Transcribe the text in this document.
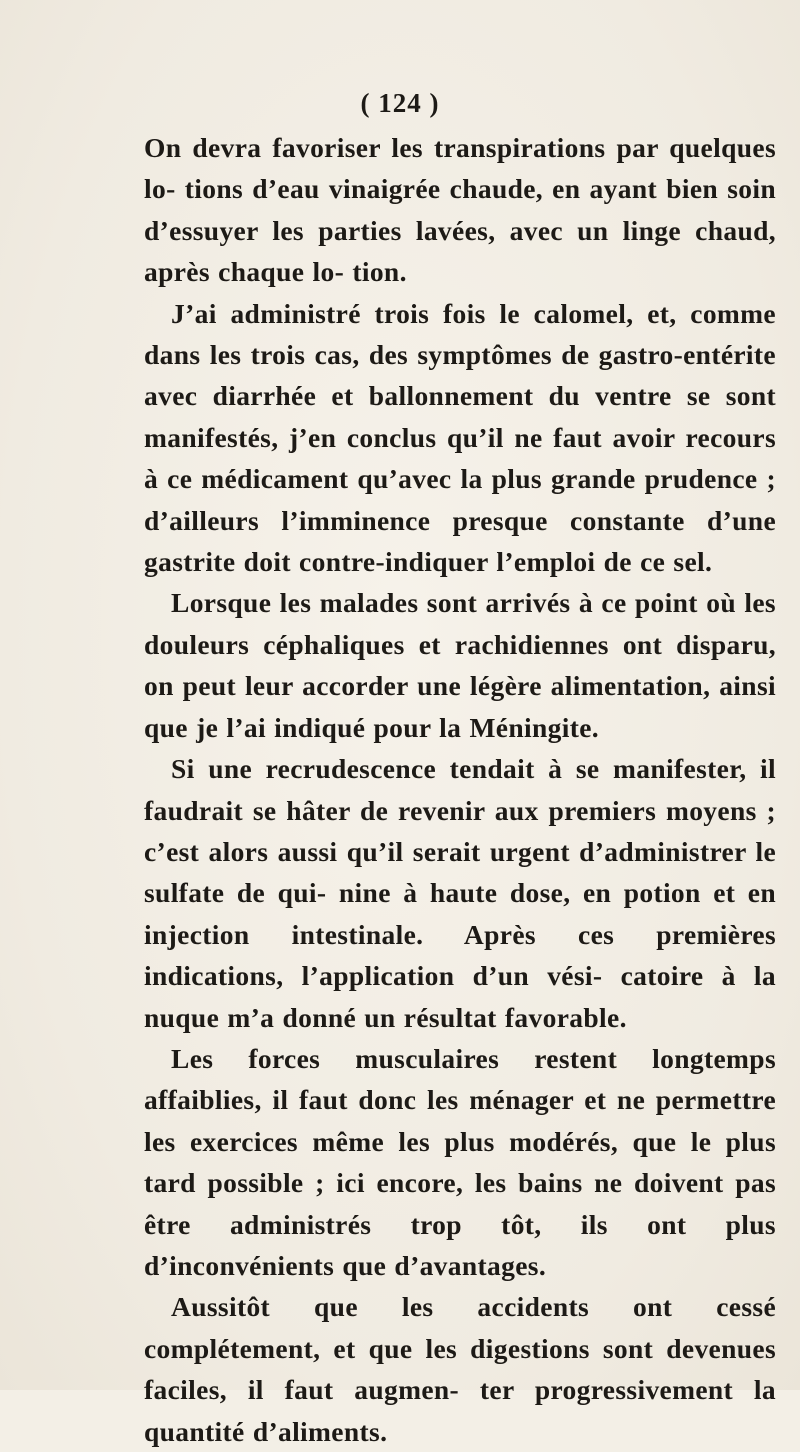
( 124 )

On devra favoriser les transpirations par quelques lo- tions d’eau vinaigrée chaude, en ayant bien soin d’essuyer les parties lavées, avec un linge chaud, après chaque lo- tion.

J’ai administré trois fois le calomel, et, comme dans les trois cas, des symptômes de gastro-entérite avec diarrhée et ballonnement du ventre se sont manifestés, j’en conclus qu’il ne faut avoir recours à ce médicament qu’avec la plus grande prudence ; d’ailleurs l’imminence presque constante d’une gastrite doit contre-indiquer l’emploi de ce sel.

Lorsque les malades sont arrivés à ce point où les douleurs céphaliques et rachidiennes ont disparu, on peut leur accorder une légère alimentation, ainsi que je l’ai indiqué pour la Méningite.

Si une recrudescence tendait à se manifester, il faudrait se hâter de revenir aux premiers moyens ; c’est alors aussi qu’il serait urgent d’administrer le sulfate de qui- nine à haute dose, en potion et en injection intestinale. Après ces premières indications, l’application d’un vési- catoire à la nuque m’a donné un résultat favorable.

Les forces musculaires restent longtemps affaiblies, il faut donc les ménager et ne permettre les exercices même les plus modérés, que le plus tard possible ; ici encore, les bains ne doivent pas être administrés trop tôt, ils ont plus d’inconvénients que d’avantages.

Aussitôt que les accidents ont cessé complétement, et que les digestions sont devenues faciles, il faut augmen- ter progressivement la quantité d’aliments.
